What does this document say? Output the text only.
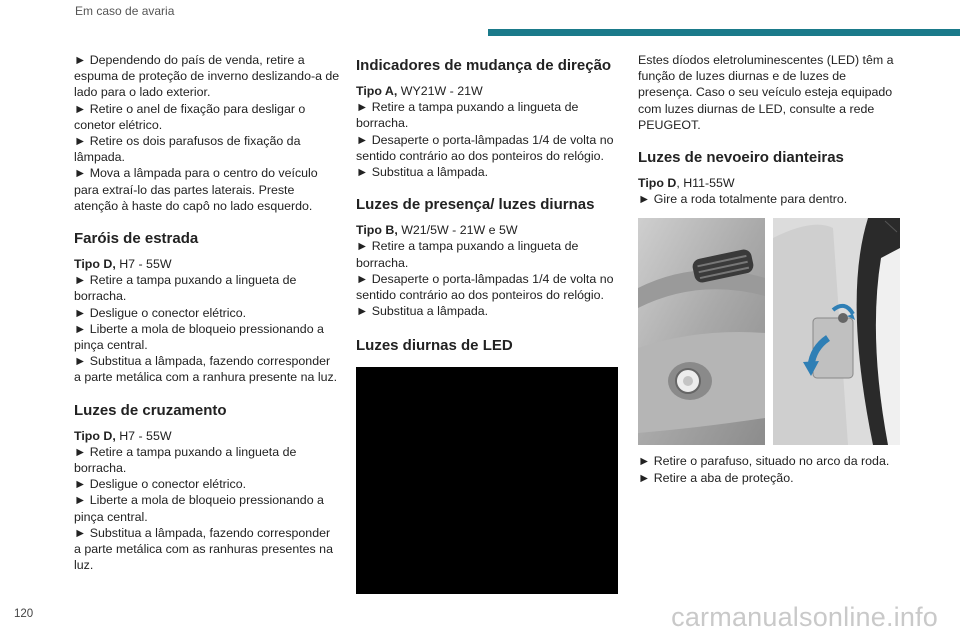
Em caso de avaria

► Dependendo do país de venda, retire a espuma de proteção de inverno deslizando-a de lado para o lado exterior.

► Retire o anel de fixação para desligar o conetor elétrico.

► Retire os dois parafusos de fixação da lâmpada.

► Mova a lâmpada para o centro do veículo para extraí-lo das partes laterais. Preste atenção à haste do capô no lado esquerdo.

Faróis de estrada

Tipo D, H7 - 55W

► Retire a tampa puxando a lingueta de borracha.

► Desligue o conector elétrico.

► Liberte a mola de bloqueio pressionando a pinça central.

► Substitua a lâmpada, fazendo corresponder a parte metálica com a ranhura presente na luz.

Luzes de cruzamento

Tipo D, H7 - 55W

► Retire a tampa puxando a lingueta de borracha.

► Desligue o conector elétrico.

► Liberte a mola de bloqueio pressionando a pinça central.

► Substitua a lâmpada, fazendo corresponder a parte metálica com as ranhuras presentes na luz.

Indicadores de mudança de direção

Tipo A, WY21W - 21W

► Retire a tampa puxando a lingueta de borracha.

► Desaperte o porta-lâmpadas 1/4 de volta no sentido contrário ao dos ponteiros do relógio.

► Substitua a lâmpada.

Luzes de presença/ luzes diurnas

Tipo B, W21/5W - 21W e 5W

► Retire a tampa puxando a lingueta de borracha.

► Desaperte o porta-lâmpadas 1/4 de volta no sentido contrário ao dos ponteiros do relógio.

► Substitua a lâmpada.

Luzes diurnas de LED

Estes díodos eletroluminescentes (LED) têm a função de luzes diurnas e de luzes de presença. Caso o seu veículo esteja equipado com luzes diurnas de LED, consulte a rede PEUGEOT.

Luzes de nevoeiro dianteiras

Tipo D, H11-55W

► Gire a roda totalmente para dentro.

► Retire o parafuso, situado no arco da roda.

► Retire a aba de proteção.

120	carmanualsonline.info
